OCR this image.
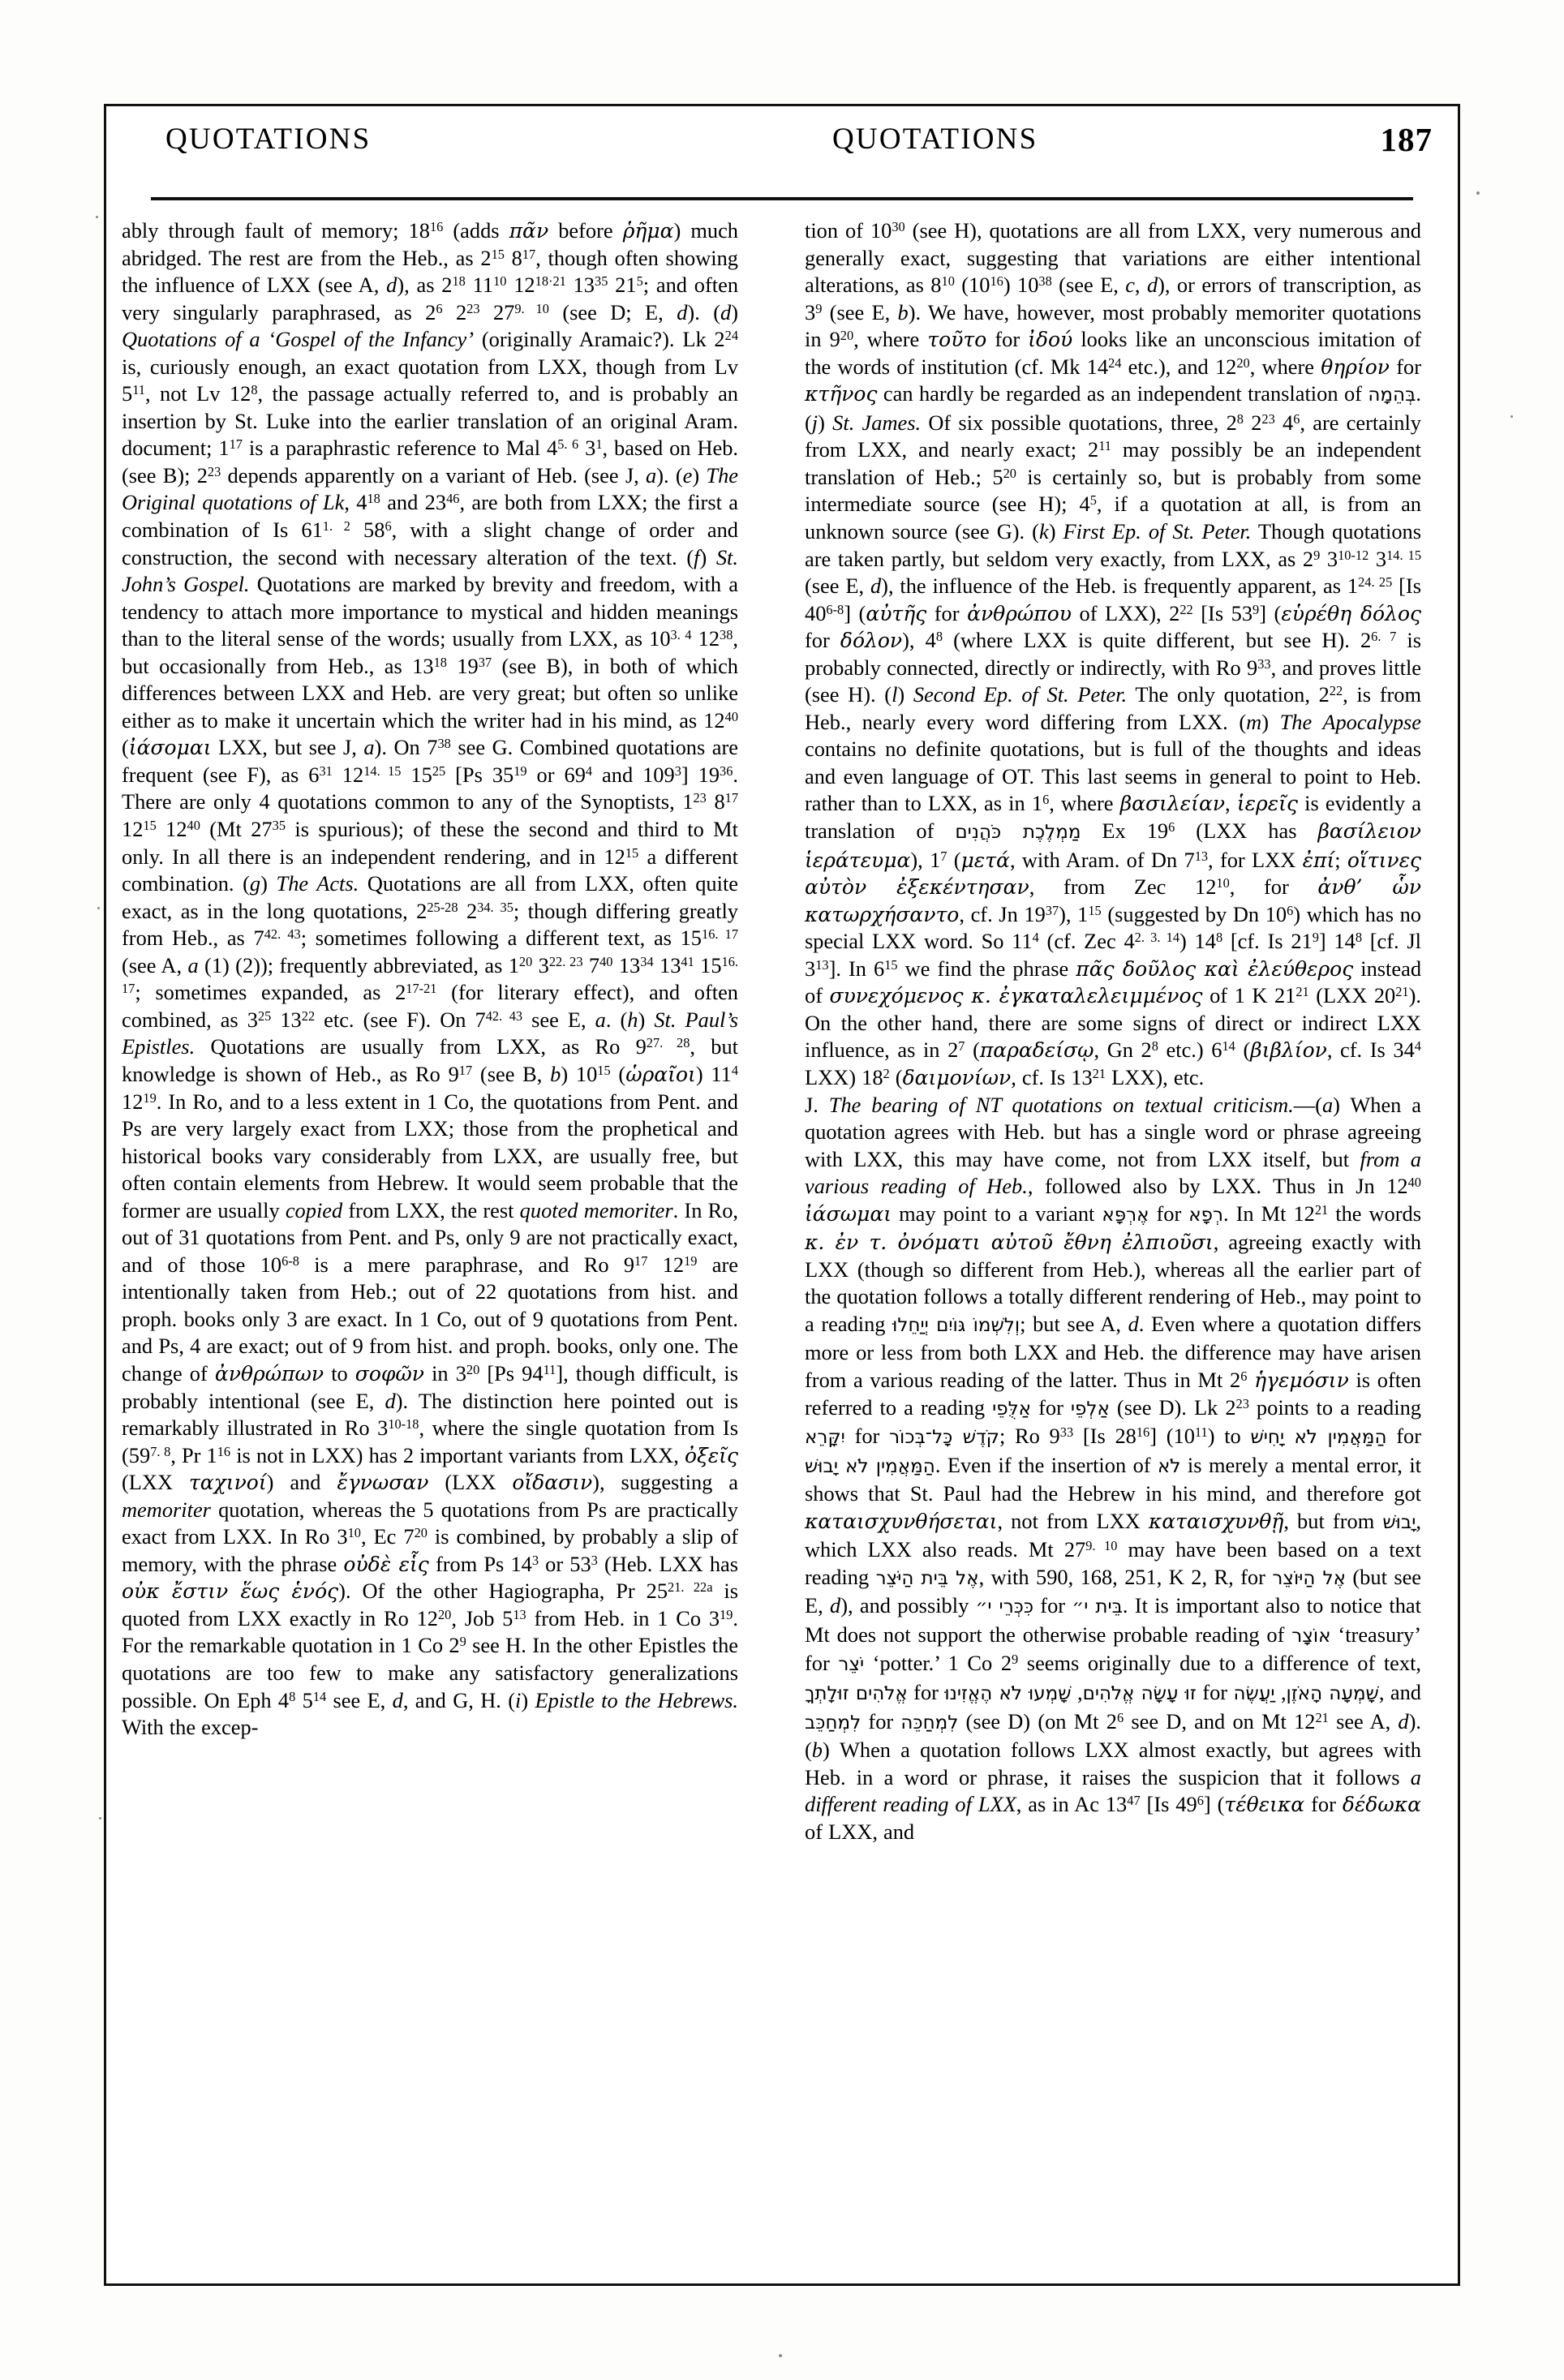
QUOTATIONS	QUOTATIONS	187

ably through fault of memory; $18^{16}$ (adds πᾶν before ῥῆμα) much abridged. The rest are from the Heb., as $2^{15}$ $8^{17}$, though often showing the influence of LXX (see A, d), as $2^{18}$ $11^{10}$ $12^{18\cdot 21}$ $13^{35}$ $21^5$; and often very singularly paraphrased, as $2^6$ $2^{23}$ $27^{9. 10}$ (see D; E, d). (d) Quotations of a ‘Gospel of the Infancy’ (originally Aramaic?). Lk $2^{24}$ is, curiously enough, an exact quotation from LXX, though from Lv $5^{11}$, not Lv $12^8$, the passage actually referred to, and is probably an insertion by St. Luke into the earlier translation of an original Aram. document; $1^{17}$ is a paraphrastic reference to Mal $4^{5. 6}$ $3^1$, based on Heb. (see B); $2^{23}$ depends apparently on a variant of Heb. (see J, a). (e) The Original quotations of Lk, $4^{18}$ and $23^{46}$, are both from LXX; the first a combination of Is $61^{1. 2}$ $58^6$, with a slight change of order and construction, the second with necessary alteration of the text. (f) St. John’s Gospel. Quotations are marked by brevity and freedom, with a tendency to attach more importance to mystical and hidden meanings than to the literal sense of the words; usually from LXX, as $10^{3. 4}$ $12^{38}$, but occasionally from Heb., as $13^{18}$ $19^{37}$ (see B), in both of which differences between LXX and Heb. are very great; but often so unlike either as to make it uncertain which the writer had in his mind, as $12^{40}$ (ἰάσομαι LXX, but see J, a). On $7^{38}$ see G. Combined quotations are frequent (see F), as $6^{31}$ $12^{14. 15}$ $15^{25}$ [Ps $35^{19}$ or $69^4$ and $109^3$] $19^{36}$. There are only 4 quotations common to any of the Synoptists, $1^{23}$ $8^{17}$ $12^{15}$ $12^{40}$ (Mt $27^{35}$ is spurious); of these the second and third to Mt only. In all there is an independent rendering, and in $12^{15}$ a different combination. (g) The Acts. Quotations are all from LXX, often quite exact, as in the long quotations, 2$^{25-28}$ $2^{34. 35}$; though differing greatly from Heb., as $7^{42. 43}$; sometimes following a different text, as $15^{16. 17}$ (see A, a (1) (2)); frequently abbreviated, as $1^{20}$ $3^{22. 23}$ $7^{40}$ $13^{34}$ $13^{41}$ $15^{16. 17}$; sometimes expanded, as 2$^{17-21}$ (for literary effect), and often combined, as $3^{25}$ $13^{22}$ etc. (see F). On $7^{42. 43}$ see E, a. (h) St. Paul’s Epistles. Quotations are usually from LXX, as Ro $9^{27. 28}$, but knowledge is shown of Heb., as Ro $9^{17}$ (see B, b) $10^{15}$ (ὡραῖοι) $11^4$ $12^{19}$. In Ro, and to a less extent in 1 Co, the quotations from Pent. and Ps are very largely exact from LXX; those from the prophetical and historical books vary considerably from LXX, are usually free, but often contain elements from Hebrew. It would seem probable that the former are usually copied from LXX, the rest quoted memoriter. In Ro, out of 31 quotations from Pent. and Ps, only 9 are not practically exact, and of those 10$^{6-8}$ is a mere paraphrase, and Ro $9^{17}$ $12^{19}$ are intentionally taken from Heb.; out of 22 quotations from hist. and proph. books only 3 are exact. In 1 Co, out of 9 quotations from Pent. and Ps, 4 are exact; out of 9 from hist. and proph. books, only one. The change of ἀνθρώπων to σοφῶν in $3^{20}$ [Ps $94^{11}$], though difficult, is probably intentional (see E, d). The distinction here pointed out is remarkably illustrated in Ro 3$^{10-18}$, where the single quotation from Is ($59^{7. 8}$, Pr $1^{16}$ is not in LXX) has 2 important variants from LXX, ὀξεῖς (LXX ταχινοί) and ἔγνωσαν (LXX οἴδασιν), suggesting a memoriter quotation, whereas the 5 quotations from Ps are practically exact from LXX. In Ro $3^{10}$, Ec $7^{20}$ is combined, by probably a slip of memory, with the phrase οὐδὲ εἷς from Ps $14^3$ or $53^3$ (Heb. LXX has οὐκ ἔστιν ἕως ἑνός). Of the other Hagiographa, Pr $25^{21. 22a}$ is quoted from LXX exactly in Ro $12^{20}$, Job $5^{13}$ from Heb. in 1 Co $3^{19}$. For the remarkable quotation in 1 Co $2^9$ see H. In the other Epistles the quotations are too few to make any satisfactory generalizations possible. On Eph $4^8$ $5^{14}$ see E, d, and G, H. (i) Epistle to the Hebrews. With the excep-

tion of $10^{30}$ (see H), quotations are all from LXX, very numerous and generally exact, suggesting that variations are either intentional alterations, as $8^{10}$ $(10^{16})$ $10^{38}$ (see E, c, d), or errors of transcription, as $3^9$ (see E, b). We have, however, most probably memoriter quotations in $9^{20}$, where τοῦτο for ἰδού looks like an unconscious imitation of the words of institution (cf. Mk $14^{24}$ etc.), and $12^{20}$, where θηρίον for κτῆνος can hardly be regarded as an independent translation of בְּהֵמָה. (j) St. James. Of six possible quotations, three, $2^8$ $2^{23}$ $4^6$, are certainly from LXX, and nearly exact; $2^{11}$ may possibly be an independent translation of Heb.; $5^{20}$ is certainly so, but is probably from some intermediate source (see H); $4^5$, if a quotation at all, is from an unknown source (see G). (k) First Ep. of St. Peter. Though quotations are taken partly, but seldom very exactly, from LXX, as $2^9$ 3$^{10-12}$ $3^{14. 15}$ (see E, d), the influence of the Heb. is frequently apparent, as $1^{24. 25}$ [Is 40$^{6-8}$] (αὐτῆς for ἀνθρώπου of LXX), $2^{22}$ [Is $53^9$] (εὑρέθη δόλος for δόλον), $4^8$ (where LXX is quite different, but see H). $2^{6. 7}$ is probably connected, directly or indirectly, with Ro $9^{33}$, and proves little (see H). (l) Second Ep. of St. Peter. The only quotation, $2^{22}$, is from Heb., nearly every word differing from LXX. (m) The Apocalypse contains no definite quotations, but is full of the thoughts and ideas and even language of OT. This last seems in general to point to Heb. rather than to LXX, as in $1^6$, where βασιλείαν, ἱερεῖς is evidently a translation of מַמְלֶכֶת כֹּהֲנִים Ex $19^6$ (LXX has βασίλειον ἱεράτευμα), $1^7$ (μετά, with Aram. of Dn $7^{13}$, for LXX ἐπί; οἵτινες αὐτὸν ἐξεκέντησαν, from Zec $12^{10}$, for ἀνθ’ ὧν κατωρχήσαντο, cf. Jn $19^{37}$), $1^{15}$ (suggested by Dn $10^6$) which has no special LXX word. So $11^4$ (cf. Zec $4^{2. 3. 14}$) $14^8$ [cf. Is $21^9$] $14^8$ [cf. Jl $3^{13}$]. In $6^{15}$ we find the phrase πᾶς δοῦλος καὶ ἐλεύθερος instead of συνεχόμενος κ. ἐγκαταλελειμμένος of 1 K $21^{21}$ (LXX $20^{21}$). On the other hand, there are some signs of direct or indirect LXX influence, as in $2^7$ (παραδείσῳ, Gn $2^8$ etc.) $6^{14}$ (βιβλίον, cf. Is $34^4$ LXX) $18^2$ (δαιμονίων, cf. Is $13^{21}$ LXX), etc.

J. The bearing of NT quotations on textual criticism.—(a) When a quotation agrees with Heb. but has a single word or phrase agreeing with LXX, this may have come, not from LXX itself, but from a various reading of Heb., followed also by LXX. Thus in Jn $12^{40}$ ἰάσωμαι may point to a variant אֶרְפָּא for רְפָא. In Mt $12^{21}$ the words κ. ἐν τ. ὀνόματι αὐτοῦ ἔθνη ἐλπιοῦσι, agreeing exactly with LXX (though so different from Heb.), whereas all the earlier part of the quotation follows a totally different rendering of Heb., may point to a reading וְלִשְׁמוֹ גּוֹיִם יְיַחֵלוּ; but see A, d. Even where a quotation differs more or less from both LXX and Heb. the difference may have arisen from a various reading of the latter. Thus in Mt $2^6$ ἡγεμόσιν is often referred to a reading אַלֻּפֵי for אַלְפֵי (see D). Lk $2^{23}$ points to a reading יִקָּרֵא for קֹדֶשׁ כָּל־בְּכוֹר; Ro $9^{33}$ [Is $28^{16}$] $(10^{11})$ to הַמַּאֲמִין לֹא יָחִישׁ for הַמַּאֲמִין לֹא יָבוּשׁ. Even if the insertion of לֹא is merely a mental error, it shows that St. Paul had the Hebrew in his mind, and therefore got καταισχυνθήσεται, not from LXX καταισχυνθῇ, but from יָבוּשׁ, which LXX also reads. Mt $27^{9. 10}$ may have been based on a text reading אֶל בֵּית הַיֹּצֵר, with 590, 168, 251, K 2, R, for אֶל הַיּוֹצֵר (but see E, d), and possibly כִּכְּרֵי י״ for בֵּית י״. It is important also to notice that Mt does not support the otherwise probable reading of אוֹצָר ‘treasury’ for יֹצֵר ‘potter.’ 1 Co $2^9$ seems originally due to a difference of text, אֱלֹהִים זוּלָתְךָ for	זוּ עָשָׂה אֱלֹהִים, שָׁמְעוּ לֹא הֶאֱזִינוּ	for	שָׁמְעָה הָאֹזֶן, יַעֲשֶׂה	, and לִמְחַכֵּב for לִמְחַכֵּה (see D) (on Mt $2^6$ see D, and on Mt $12^{21}$ see A, d). (b) When a quotation follows LXX almost exactly, but agrees with Heb. in a word or phrase, it raises the suspicion that it follows a different reading of LXX, as in Ac $13^{47}$ [Is $49^6$] (τέθεικα for δέδωκα of LXX, and
